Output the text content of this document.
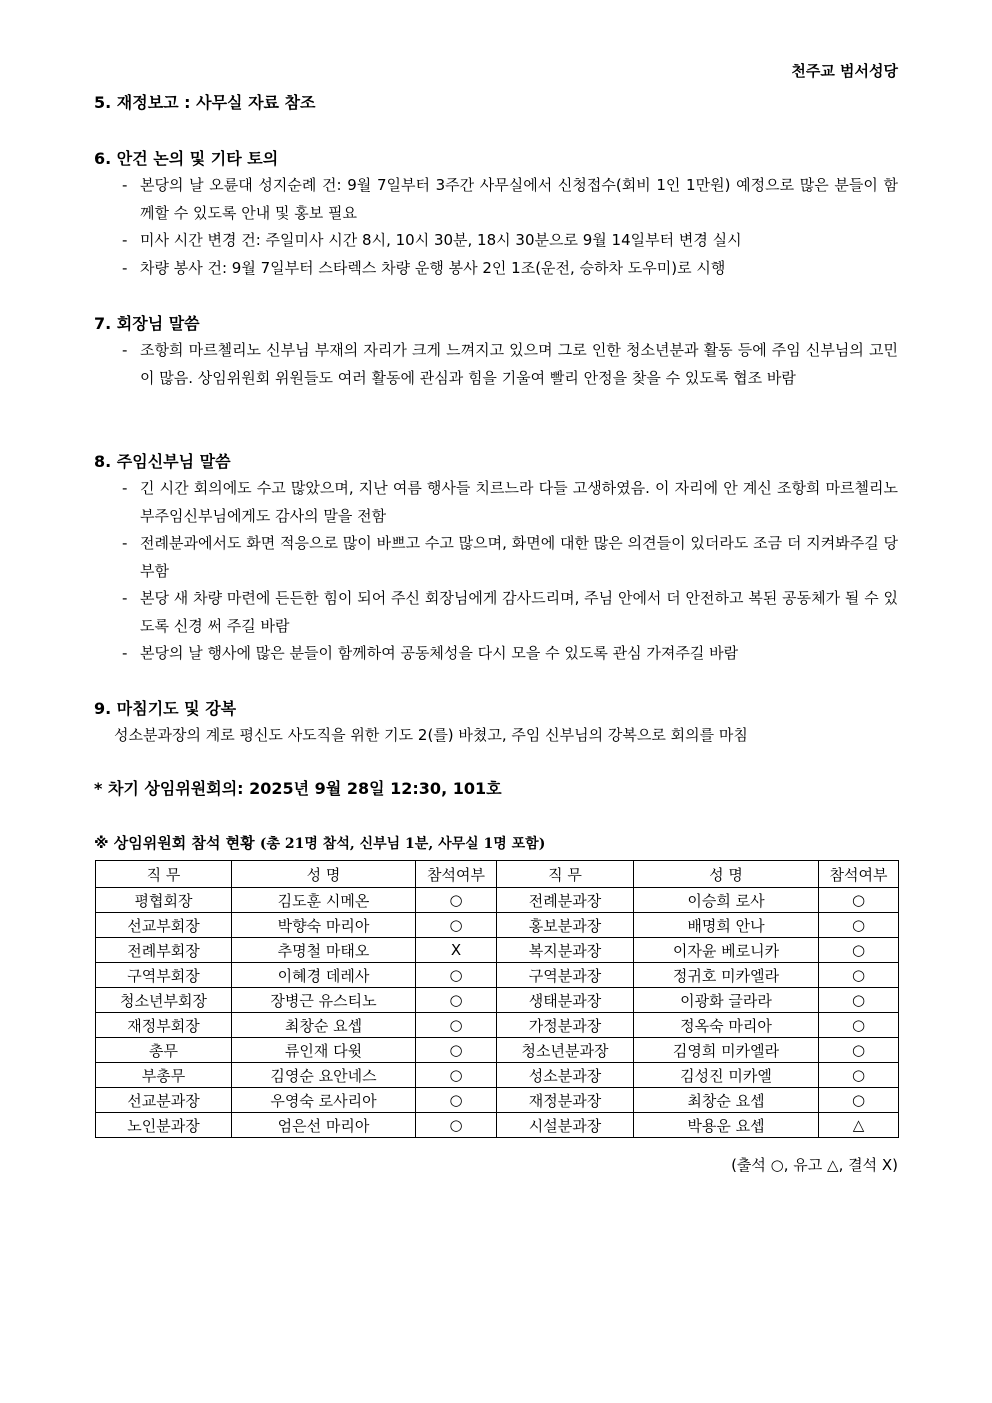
천주교 범서성당
5. 재정보고 : 사무실 자료 참조
6. 안건 논의 및 기타 토의
- 본당의 날 오륜대 성지순례 건: 9월 7일부터 3주간 사무실에서 신청접수(회비 1인 1만원) 예정으로 많은 분들이 함께할 수 있도록 안내 및 홍보 필요
- 미사 시간 변경 건: 주일미사 시간 8시, 10시 30분, 18시 30분으로 9월 14일부터 변경 실시
- 차량 봉사 건: 9월 7일부터 스타렉스 차량 운행 봉사 2인 1조(운전, 승하차 도우미)로 시행
7. 회장님 말씀
- 조항희 마르첼리노 신부님 부재의 자리가 크게 느껴지고 있으며 그로 인한 청소년분과 활동 등에 주임 신부님의 고민이 많음. 상임위원회 위원들도 여러 활동에 관심과 힘을 기울여 빨리 안정을 찾을 수 있도록 협조 바람
8. 주임신부님 말씀
- 긴 시간 회의에도 수고 많았으며, 지난 여름 행사들 치르느라 다들 고생하였음. 이 자리에 안 계신 조항희 마르첼리노 부주임신부님에게도 감사의 말을 전함
- 전례분과에서도 화면 적응으로 많이 바쁘고 수고 많으며, 화면에 대한 많은 의견들이 있더라도 조금 더 지켜봐주길 당부함
- 본당 새 차량 마련에 든든한 힘이 되어 주신 회장님에게 감사드리며, 주님 안에서 더 안전하고 복된 공동체가 될 수 있도록 신경 써 주길 바람
- 본당의 날 행사에 많은 분들이 함께하여 공동체성을 다시 모을 수 있도록 관심 가져주길 바람
9. 마침기도 및 강복
성소분과장의 계로 평신도 사도직을 위한 기도 2(를) 바쳤고, 주임 신부님의 강복으로 회의를 마침
* 차기 상임위원회의: 2025년 9월 28일 12:30, 101호
※ 상임위원회 참석 현황 (총 21명 참석, 신부님 1분, 사무실 1명 포함)
직 무	성 명	참석여부	직 무	성 명	참석여부
평협회장	김도훈 시메온	○	전례분과장	이승희 로사	○
선교부회장	박향숙 마리아	○	홍보분과장	배명희 안나	○
전례부회장	추명철 마태오	X	복지분과장	이자윤 베로니카	○
구역부회장	이혜경 데레사	○	구역분과장	정귀호 미카엘라	○
청소년부회장	장병근 유스티노	○	생태분과장	이광화 글라라	○
재정부회장	최창순 요셉	○	가정분과장	정옥숙 마리아	○
총무	류인재 다윗	○	청소년분과장	김영희 미카엘라	○
부총무	김영순 요안네스	○	성소분과장	김성진 미카엘	○
선교분과장	우영숙 로사리아	○	재정분과장	최창순 요셉	○
노인분과장	엄은선 마리아	○	시설분과장	박용운 요셉	△
(출석 ○, 유고 △, 결석 X)
